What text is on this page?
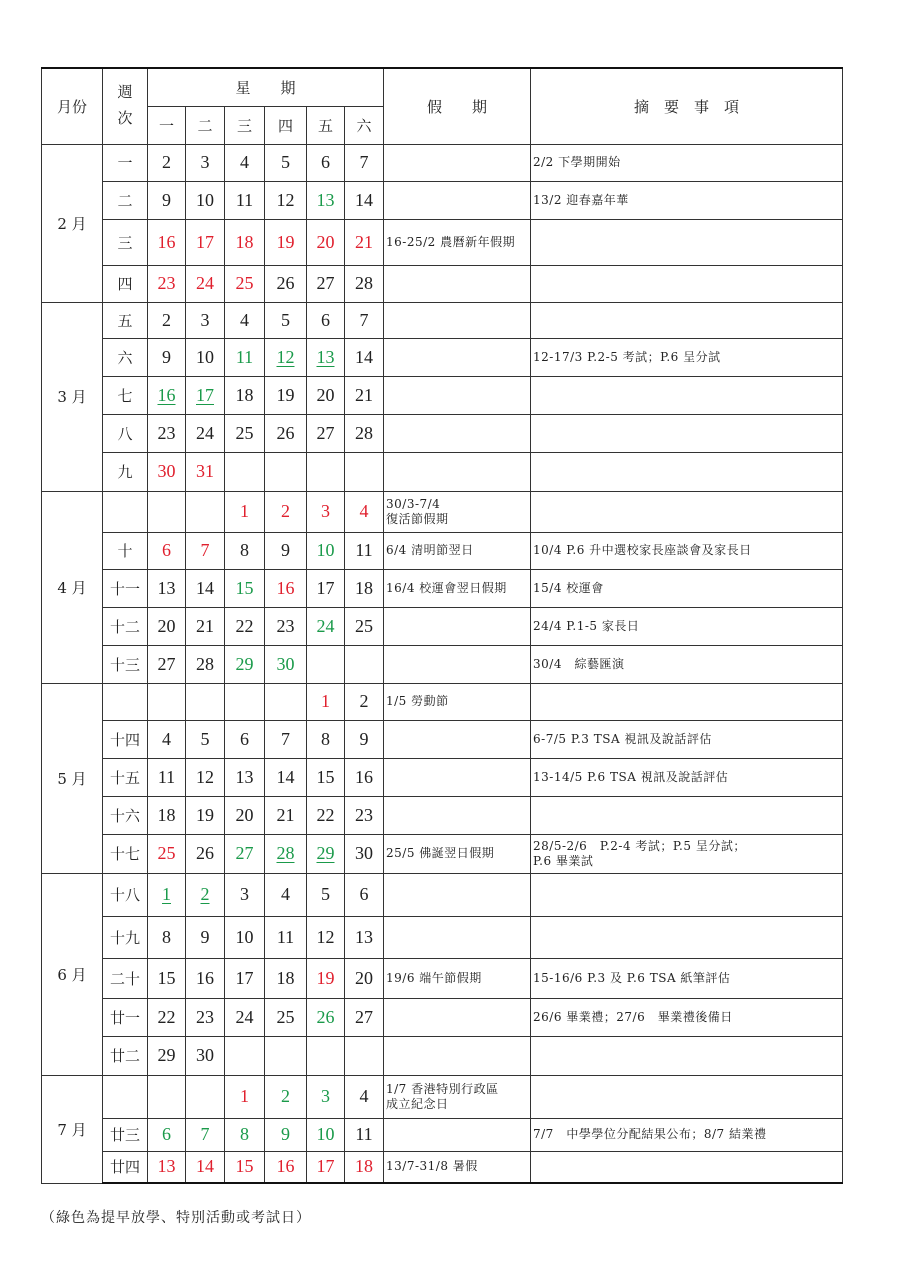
月份	週次	星　　期						假　　期	摘　要　事　項
		一	二	三	四	五	六		
2 月	一	2	3	4	5	6	7		2/2 下學期開始
	二	9	10	11	12	13	14		13/2 迎春嘉年華
	三	16	17	18	19	20	21	16-25/2 農曆新年假期	
	四	23	24	25	26	27	28		
3 月	五	2	3	4	5	6	7		
	六	9	10	11	12	13	14		12-17/3 P.2-5 考試；P.6 呈分試
	七	16	17	18	19	20	21		
	八	23	24	25	26	27	28		
	九	30	31						
4 月				1	2	3	4	30/3-7/4
復活節假期	
	十	6	7	8	9	10	11	6/4 清明節翌日	10/4 P.6 升中選校家長座談會及家長日
	十一	13	14	15	16	17	18	16/4 校運會翌日假期	15/4 校運會
	十二	20	21	22	23	24	25		24/4 P.1-5 家長日
	十三	27	28	29	30				30/4　綜藝匯演
5 月						1	2	1/5 勞動節	
	十四	4	5	6	7	8	9		6-7/5 P.3 TSA 視訊及說話評估
	十五	11	12	13	14	15	16		13-14/5 P.6 TSA 視訊及說話評估
	十六	18	19	20	21	22	23		
	十七	25	26	27	28	29	30	25/5 佛誕翌日假期	28/5-2/6　P.2-4 考試；P.5 呈分試；
P.6 畢業試
6 月	十八	1	2	3	4	5	6		
	十九	8	9	10	11	12	13		
	二十	15	16	17	18	19	20	19/6 端午節假期	15-16/6 P.3 及 P.6 TSA 紙筆評估
	廿一	22	23	24	25	26	27		26/6 畢業禮；27/6　畢業禮後備日
	廿二	29	30						
7 月				1	2	3	4	1/7 香港特別行政區
成立紀念日	
	廿三	6	7	8	9	10	11		7/7　中學學位分配結果公布；8/7 結業禮
	廿四	13	14	15	16	17	18	13/7-31/8 暑假	
（綠色為提早放學、特別活動或考試日）
